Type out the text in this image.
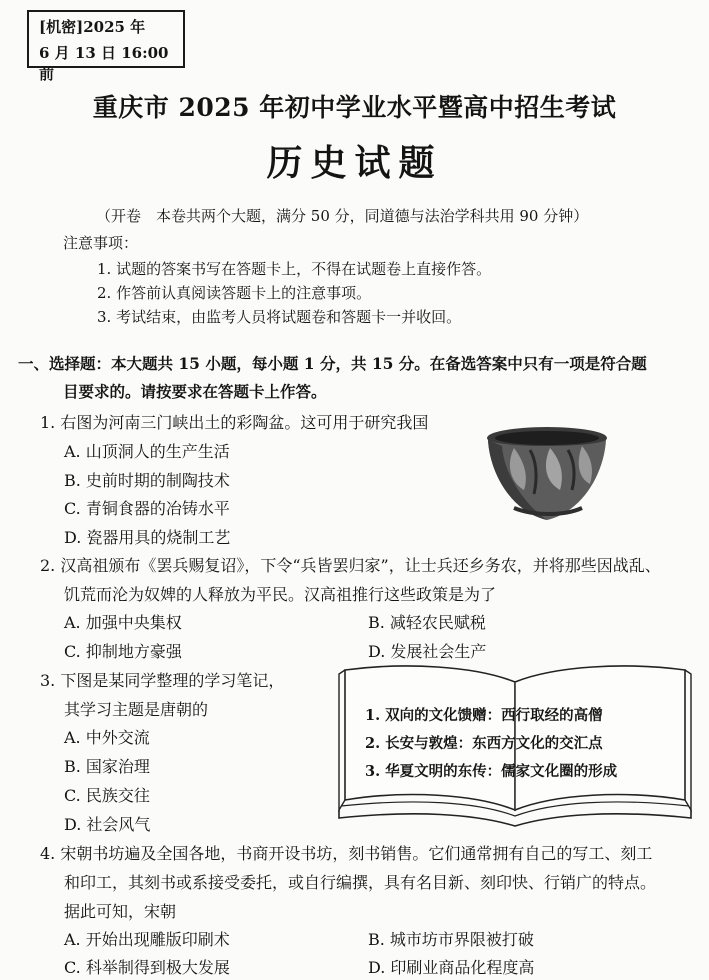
[机密]2025 年
6 月 13 日 16:00 前
重庆市 2025 年初中学业水平暨高中招生考试
历史试题
（开卷　本卷共两个大题，满分 50 分，同道德与法治学科共用 90 分钟）
注意事项：
1. 试题的答案书写在答题卡上，不得在试题卷上直接作答。
2. 作答前认真阅读答题卡上的注意事项。
3. 考试结束，由监考人员将试题卷和答题卡一并收回。
一、选择题：本大题共 15 小题，每小题 1 分，共 15 分。在备选答案中只有一项是符合题
目要求的。请按要求在答题卡上作答。
1. 右图为河南三门峡出土的彩陶盆。这可用于研究我国
A. 山顶洞人的生产生活
B. 史前时期的制陶技术
C. 青铜食器的冶铸水平
D. 瓷器用具的烧制工艺
2. 汉高祖颁布《罢兵赐复诏》，下令“兵皆罢归家”，让士兵还乡务农，并将那些因战乱、
饥荒而沦为奴婢的人释放为平民。汉高祖推行这些政策是为了
A. 加强中央集权	B. 减轻农民赋税
C. 抑制地方豪强	D. 发展社会生产
3. 下图是某同学整理的学习笔记，
其学习主题是唐朝的
A. 中外交流
B. 国家治理
C. 民族交往
D. 社会风气
1. 双向的文化馈赠：西行取经的高僧
2. 长安与敦煌：东西方文化的交汇点
3. 华夏文明的东传：儒家文化圈的形成
4. 宋朝书坊遍及全国各地，书商开设书坊，刻书销售。它们通常拥有自己的写工、刻工
和印工，其刻书或系接受委托，或自行编撰，具有名目新、刻印快、行销广的特点。
据此可知，宋朝
A. 开始出现雕版印刷术	B. 城市坊市界限被打破
C. 科举制得到极大发展	D. 印刷业商品化程度高
